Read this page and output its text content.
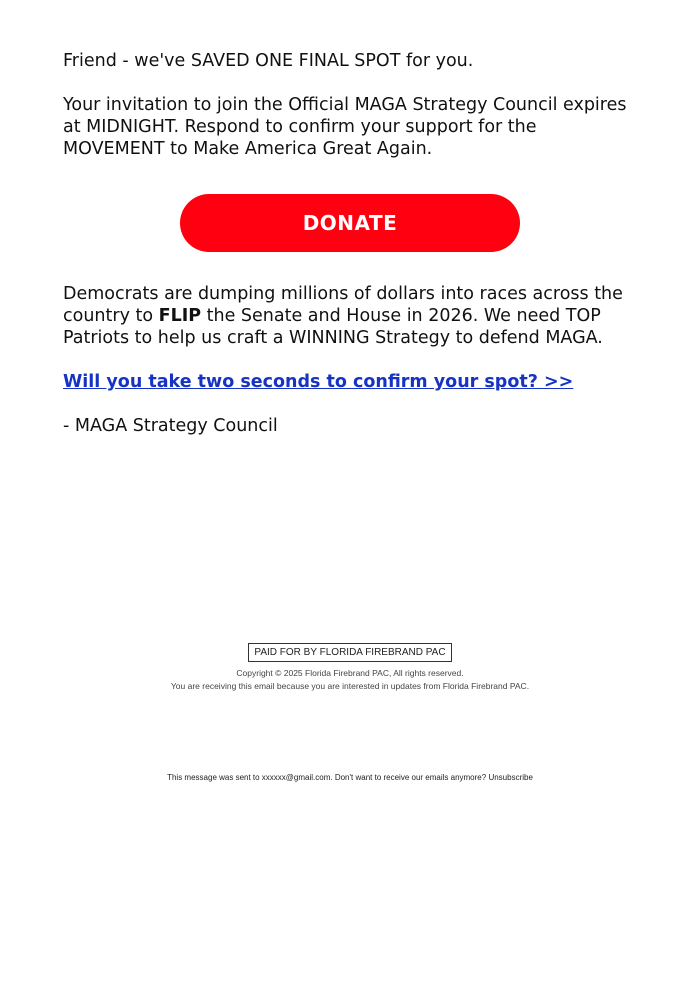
Friend - we've SAVED ONE FINAL SPOT for you.

Your invitation to join the Official MAGA Strategy Council expires at MIDNIGHT. Respond to confirm your support for the MOVEMENT to Make America Great Again.

DONATE

Democrats are dumping millions of dollars into races across the country to FLIP the Senate and House in 2026. We need TOP Patriots to help us craft a WINNING Strategy to defend MAGA.

Will you take two seconds to confirm your spot? >>

- MAGA Strategy Council

PAID FOR BY FLORIDA FIREBRAND PAC
Copyright © 2025 Florida Firebrand PAC, All rights reserved.
You are receiving this email because you are interested in updates from Florida Firebrand PAC.
This message was sent to xxxxxx@gmail.com. Don't want to receive our emails anymore? Unsubscribe
